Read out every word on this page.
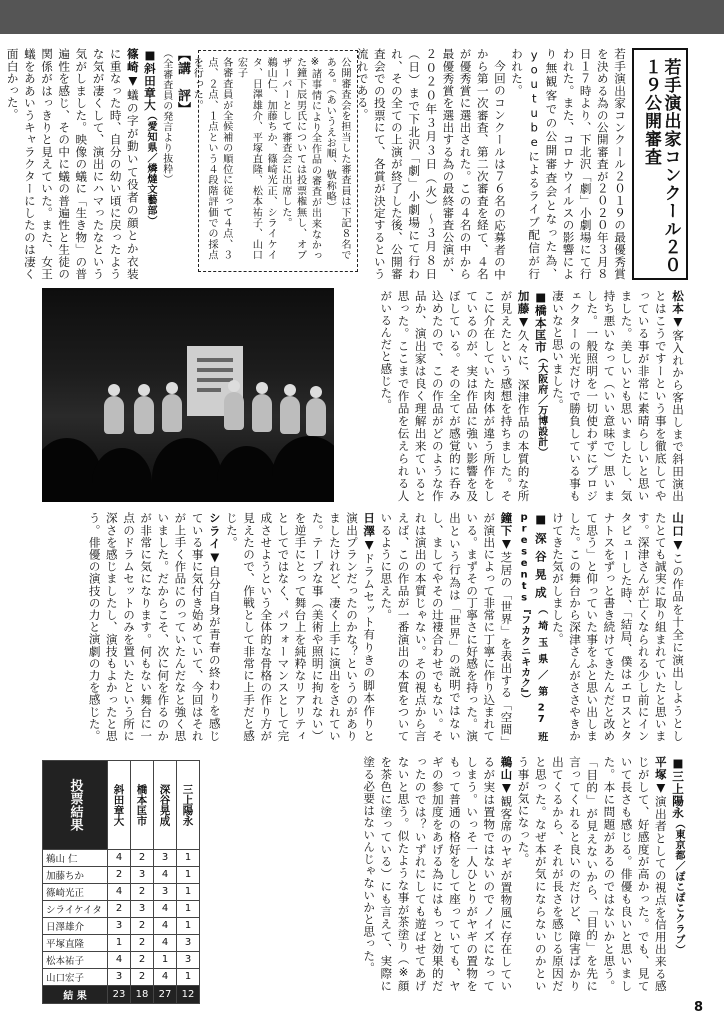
若手演出家コンクール２０１９公開審査
若手演出家コンクール２０１９の最優秀賞を決める為の公開審査が２０２０年３月８日１７時より、下北沢「劇」小劇場にて行われた。また、コロナウイルスの影響により無観客での公開審査会となった為、youtubeによるライブ配信が行われた。
今回のコンクールは７６名の応募者の中から第一次審査、第二次審査を経て、４名が優秀賞に選出された。この４名の中から最優秀賞を選出する為の最終審査公演が、２０２０年３月３日（火）～３月８日（日）まで下北沢「劇」小劇場にて行われ、その全ての上演が終了した後、公開審査会での投票にて、各賞が決定するという流れである。
公開審査会を担当した審査員は下記８名である。（あいうえお順、敬称略）
※諸事情により全作品の審査が出来なかった鐘下辰男氏については投票権無し、オブザーバーとして審査会に出席した。
鵜山仁、加藤ちか、篠崎光正、シライケイタ、日澤雄介、平塚直隆、松本祐子、山口宏子
各審査員が全候補の順位に従って４点、３点、２点、１点という４段階評価での採点を行った。
【講　評】
（全審査員の発言より抜粋）
■斜田章大（愛知県／燐燵文藝部）
篠崎▼蟻の字が動いて役者の顔とか衣装に重なった時、自分の幼い頃に戻ったような気が凄くして、演出にハマったなという気がしました。映像の蟻に「生き物」の普遍性を感じ、その中に蟻の普遍性と生徒の関係がはっきりと見えていた。また、女王蟻をああいうキャラクターにしたのは凄く面白かった。
松本▼客入れから客出しまで斜田演出とはこうですーという事を徹底してやっている事が非常に素晴らしいと思いました。美しいとも思いましたし、気持ち悪いなって（いい意味で）思いました。一般照明を一切使わずにプロジェクターの光だけで勝負している事も凄いなと思いました。
■橋本匡市（大阪府／万博設計）
加藤▼久々に、深津作品の本質的な所が見えたという感想を持ちました。そこに介在していた肉体が違う所作をしているのが、実は作品に強い影響を及ぼしている。その全てが感覚的に呑み込めたので、この作品がどのような作品か、演出家は良く理解出来ていると思った。ここまで作品を伝えられる人がいるんだと感じた。
山口▼この作品を十全に演出しようとしたとても誠実に取り組まれていたと思います。深津さんが亡くなられる少し前にインタビューした時、「結局、僕はエロスとタナトスをずっと書き続けてきたんだと改めて思う」と仰っていた事をふと思い出しました。この舞台から深津さんがささやきかけてきた気がしました。
■深谷晃成（埼玉県／第27班 presents『フカクニキカク』）
鐘下▼芝居の「世界」を表出する「空間」が演出によって非常に丁寧に作り込まれている。まずその丁寧さに好感を持った。演出という行為は「世界」の説明ではないし、ましてやその辻褄合わせでもない。それは演出の本質じゃない。その視点から言えば、この作品が一番演出の本質をついているように思えた。
日澤▼ドラムセット有りきの脚本作りと演出プランだったのかな？というのがありましたけれど、凄く上手に演出をされていた。テープな事（美術や照明に拘れない）を逆手にとって舞台上を純粋なリアリティとしてではなく、パフォーマンスとして完成させようという全体的な骨格の作り方が見えたので、作戦として非常に上手だと感じた。
シライ▼自分自身が青春の終わりを感じている事に気付き始めていて、今回はそれが上手く作品にのっていたんだなと強く思いました。だからこそ、次に何を作るのかが非常に気になります。何もない舞台に一点のドラムセットのみを置いたという所に深さを感じましたし、演技もよかったと思う。俳優の演技の力と演劇の力を感じた。
■三上陽永（東京都／ぽこぽこクラブ）
平塚▼演出者としての視点を信用出来る感じがして、好感度が高かった。でも、見ていて長さも感じる。俳優も良いと思いました。本に問題があるのではないかと思う。「目的」が見えないから、「目的」を先に言ってくれると良いのだけど、障害ばかり出てくるから、それが長さを感じる原因だと思った。なぜ本が気にならないのかという事が気になった。
鵜山▼観客席のヤギが置物風に存在しているが実は置物ではないのでノイズになってしまう。いっそ一人ひとりがヤギの置物をもって普通の格好をして座っていても、ヤギの参加度をあげる為にはもっと効果的だったのでは？いずれにしても遊ばせてあげないと思う。似たような事が茶塗り（※顔を茶色に塗っている）にも言えて、実際に塗る必要はないんじゃないかと思った。
投票結果	斜田章大	橋本匡市	深谷晃成	三上陽永
鵜山 仁	4	2	3	1
加藤ちか	2	3	4	1
篠崎光正	4	2	3	1
シライケイタ	2	3	4	1
日澤雄介	3	2	4	1
平塚直隆	1	2	4	3
松本祐子	4	2	1	3
山口宏子	3	2	4	1
結 果	23	18	27	12
8
